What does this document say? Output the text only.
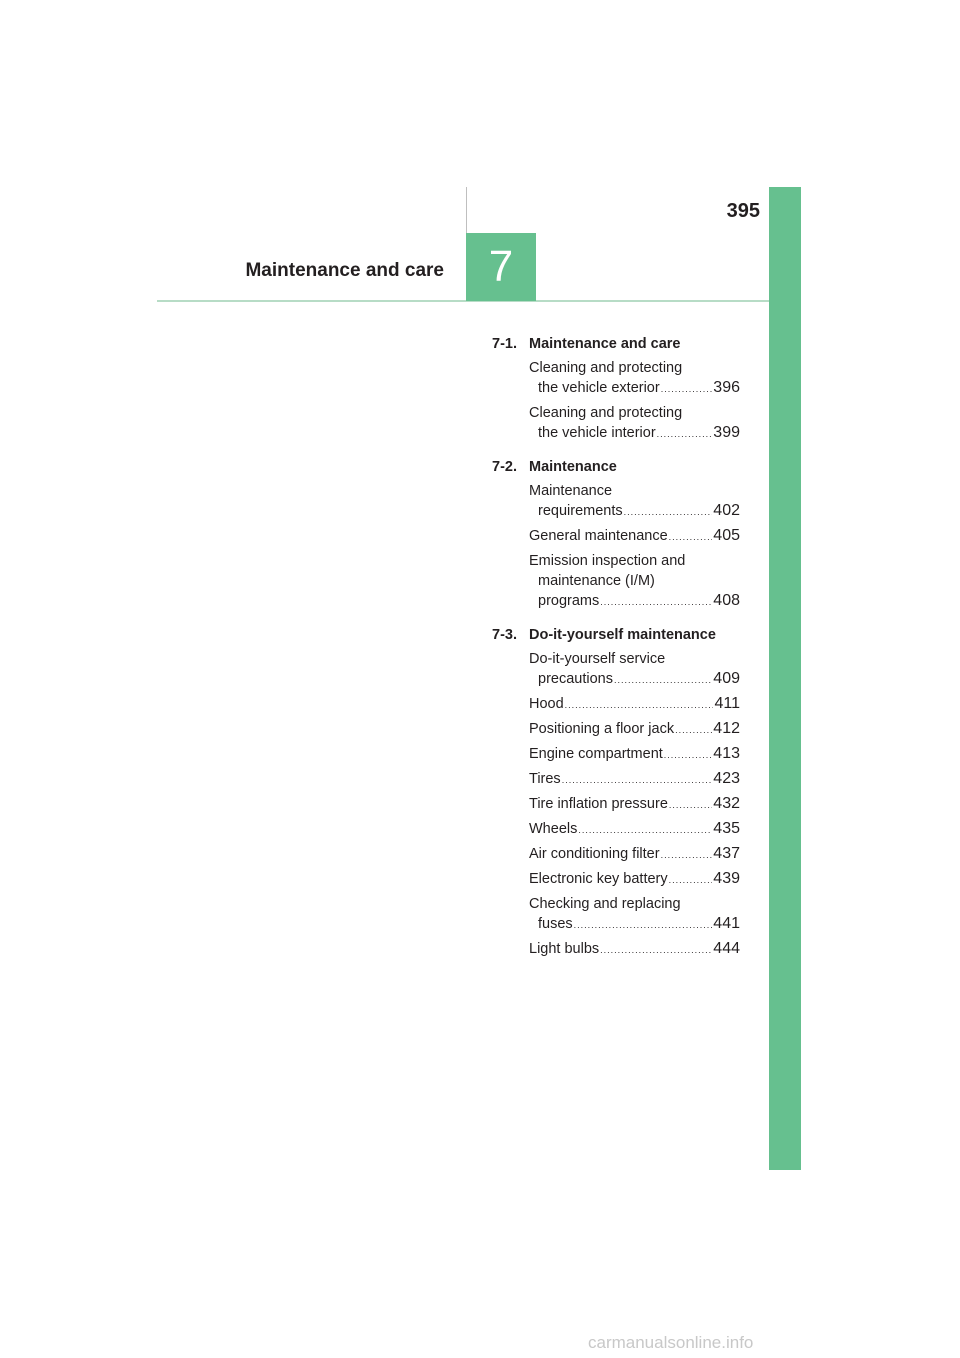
395
Maintenance and care	7
7-1. Maintenance and care
Cleaning and protecting
the vehicle exterior .....	396
Cleaning and protecting
the vehicle interior .....	399
7-2. Maintenance
Maintenance
requirements .....	402
General maintenance .....	405
Emission inspection and
maintenance (I/M)
programs .....	408
7-3. Do-it-yourself maintenance
Do-it-yourself service
precautions .....	409
Hood .....	411
Positioning a floor jack ..... 412
Engine compartment .....	413
Tires .....	423
Tire inflation pressure .....	432
Wheels .....	435
Air conditioning filter .....	437
Electronic key battery .....	439
Checking and replacing
fuses .....	441
Light bulbs .....	444
carmanualsonline.info
